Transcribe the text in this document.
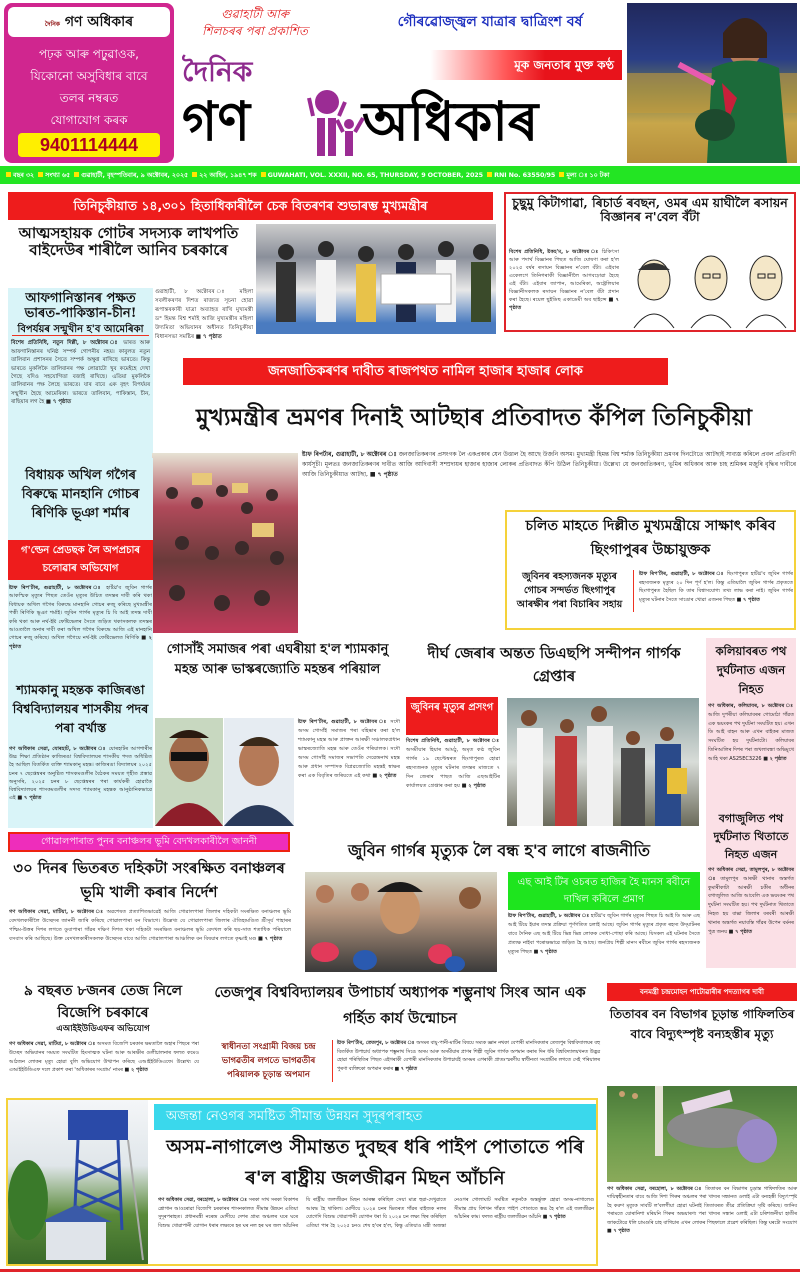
দৈনিক গণ অধিকাৰ
পঢ়ক আৰু পঢ়ুৱাওক,
যিকোনো অসুবিধাৰ বাবে
তলৰ নম্বৰত
যোগাযোগ কৰক
9401114444
গুৱাহাটী আৰু
শিলচৰৰ পৰা প্ৰকাশিত
গৌৰৱোজ্জ্বল যাত্ৰাৰ দ্বাত্ৰিংশ বৰ্ষ
দৈনিক	মূক জনতাৰ মুক্ত কণ্ঠ
গণ অধিকাৰ
বছৰ ৩২ সংখ্যা ৬৫ গুৱাহাটী, বৃহস্পতিবাৰ, ৯ অক্টোবৰ, ২০২৫ ২২ আহিন, ১৯৪৭ শক GUWAHATI, VOL. XXXII, NO. 65, THURSDAY, 9 OCTOBER, 2025 RNI No. 63550/95 মূল্য ঃ ১০ টকা
তিনিচুকীয়াত ১৪,৩০১ হিতাধিকাৰীলৈ চেক বিতৰণৰ শুভাৰম্ভ মুখ্যমন্ত্ৰীৰ
আত্মসহায়ক গোটৰ সদস্যক লাখপতি বাইদেউৰ শাৰীলৈ আনিব চৰকাৰে
আফগানিস্তানৰ পক্ষত ভাৰত-পাকিস্তান-চীন!
বিপৰ্যয়ৰ সন্মুখীন হ'ব আমেৰিকা
বিশেষ প্ৰতিনিধি, নতুন দিল্লী, ৮ অক্টোবৰ ঃ ভাৰত আৰু আফগানিস্তানৰ ঘনিষ্ঠ সম্পৰ্ক গোপনীয় নহয়। কাবুলত নতুন তালিবান প্ৰশাসনৰ সৈতে সম্পৰ্ক অক্ষুণ্ণ ৰাখিছে ভাৰতে। কিন্তু ভাৰতে মুকলিকৈ তালিবানৰ পক্ষ লোৱাটো খুব কমেইহে দেখা গৈছে যদিও সহযোগিতা বজাই ৰাখিছে। এতিয়া মুকলিকৈ তালিবানৰ পক্ষ লৈছে ভাৰতে। যাৰ বাবে এক বৃহৎ বিপৰ্যয়ৰ সন্মুখীন হৈছে আমেৰিকা। ভাৰতে তালিবান, পাকিস্তান, চীন, ৰাছিয়াৰ লগ হৈ ■ ৭ পৃষ্ঠাত
গুৱাহাটী, ৮ অক্টোবৰ ঃ মহিলা সবলীকৰণৰ দিশত ৰাজ্যত সূচনা হোৱা ৰূপান্তৰকাৰী যাত্ৰা অব্যাহত ৰাখি মুখ্যমন্ত্ৰী ড° হিমন্ত বিশ্ব শৰ্মাই আজি মুখ্যমন্ত্ৰীৰ মহিলা উদ্যমিতা অভিযানৰ অধীনত তিনিচুকীয়া বিধানসভা সমষ্টিৰ ■ ৭ পৃষ্ঠাত
চুছুমু কিটাগাৱা, ৰিচাৰ্ড ৰবছন, ওমৰ এম য়াঘীলৈ ৰসায়ন বিজ্ঞানৰ ন'বেল বঁটা
বিশেষ প্ৰতিনিধি, ষ্টকহ'ম, ৮ অক্টোবৰ ঃ চিকিৎসা আৰু পদাৰ্থ বিজ্ঞানৰ পিছত আজি ঘোষণা কৰা হ'ল ২০২৫ বৰ্ষৰ ৰসায়ন বিজ্ঞানৰ ন'বেল বঁটা। এইবাৰ একেলগে তিনিগৰাকী বিজ্ঞানীলৈ আগবঢ়োৱা হৈছে এই বঁটা। এইবাৰ জাপান, আমেৰিকা, অষ্ট্ৰেলিয়াৰ বিজ্ঞানীসকলক ৰসায়ন বিজ্ঞানৰ ন'বেল বঁটা প্ৰদান কৰা হৈছে। ৰয়েল ছুইডিছ একাডেমী অব ছাইন্সে ■ ৭ পৃষ্ঠাত
জনজাতিকৰণৰ দাবীত ৰাজপথত নামিল হাজাৰ হাজাৰ লোক
মুখ্যমন্ত্ৰীৰ ভ্ৰমণৰ দিনাই আটছাৰ প্ৰতিবাদত কঁপিল তিনিচুকীয়া
ষ্টাফ ৰিপৰ্টাৰ, গুৱাহাটী, ৮ অক্টোবৰ ঃ জনজাতিকৰণৰ প্ৰসংগক লৈ একপ্ৰকাৰ যেন উত্তাল হৈ আছে উজনি অসম। মুখ্যমন্ত্ৰী হিমন্ত বিশ্ব শৰ্মাক তিনিচুকীয়া ভ্ৰমণৰ দিনটোতে আটছাই সাব্যস্ত কৰিলে প্ৰবল প্ৰতিবাদী কাৰ্যসূচী। মূলতঃ জনজাতিকৰণৰ দাবীত আজি আদিবাসী সম্প্ৰদায়ৰ হাজাৰ হাজাৰ লোকৰ প্ৰতিবাদত কঁপি উঠিল তিনিচুকীয়া। উল্লেখ্য যে জনজাতিকৰণ, ভূমিৰ অধিকাৰ আৰু চাহ শ্ৰমিকৰ মজুৰি বৃদ্ধিৰ দাবীৰে আজি তিনিচুকীয়াত আটছা, ■ ৭ পৃষ্ঠাত
বিধায়ক অখিল গগৈৰ বিৰুদ্ধে মানহানি গোচৰ ৰিণিকি ভূঞা শৰ্মাৰ
গ'ল্ডেন প্ৰেডছক লৈ অপপ্ৰচাৰ চলোৱাৰ অভিযোগ
ষ্টাফ ৰিপ'ৰ্টাৰ, গুৱাহাটী, ৮ অক্টোবৰ ঃ হাৰ্টথ্ৰ'ব জুবিন গাৰ্গৰ আকস্মিক মৃত্যুৰ পিছত তেওঁৰ মৃত্যুৰ উচিত তদন্তৰ দাবী কৰি থকা বিধায়ক অখিল গগৈৰ বিৰুদ্ধে মানহানি গোচৰ ৰুজু কৰিছে মুখ্যমন্ত্ৰীৰ পত্নী ৰিণিকি ভূঞা শৰ্মাই। জুবিন গাৰ্গৰ মৃত্যুৰ চি বি আই তদন্ত দাবী কৰি থকা আৰু নৰ্থ-ইষ্ট ফেষ্টিভেলৰ সৈতে জড়িত থকাসকলক তদন্তৰ আওতালৈ অনাৰ দাবী কৰা অখিল গগৈৰ বিৰুদ্ধে আজি এই মানহানি গোচৰ ৰুজু কৰিছে। অখিল গগৈয়ে নৰ্থ-ইষ্ট ফেষ্টিভেলত ৰিণিকি ■ ২ পৃষ্ঠাত
শ্যামকানু মহন্তক কাজিৰঙা বিশ্ববিদ্যালয়ৰ শাসকীয় পদৰ পৰা বৰ্খাস্ত
গণ অধিকাৰ সেৱা, যোৰহাট, ৮ অক্টোবৰ ঃ যোৰহাটৰ আগশাৰীৰ উচ্চ শিক্ষা প্ৰতিষ্ঠান কাজিৰঙা বিশ্ববিদ্যালয়ৰ শাসকীয় পদত অধিষ্ঠিত হৈ আছিল বিতৰ্কিত ব্যক্তি শ্যামকানু মহন্ত। কাজিৰঙা বিদ্যালয়ৰ ২০২৫ চনৰ ৭ ছেপ্তেম্বৰৰ অনুষ্ঠিত শাসকমণ্ডলীৰ বৈঠকৰ সময়ত গৃহীত প্ৰস্তাৱ অনুসৰি, ২০২৫ চনৰ ৮ ছেপ্তেম্বৰৰ পৰা কাৰ্যকৰী হোৱাকৈ বিশ্ববিদ্যালয়ৰ শাসকমণ্ডলীৰ সদস্য শ্যামকানু মহন্তক আনুষ্ঠানিকভাৱে এই ■ ৭ পৃষ্ঠাত
চলিত মাহতে দিল্লীত মুখ্যমন্ত্ৰীয়ে সাক্ষাৎ কৰিব ছিংগাপুৰৰ উচ্চায়ুক্তক
জুবিনৰ ৰহস্যজনক মৃত্যুৰ গোচৰ সন্দৰ্ভত ছিংগাপুৰ আৰক্ষীৰ পৰা বিচাৰিব সহায়
ষ্টাফ ৰিপ'ৰ্টাৰ, গুৱাহাটী, ৮ অক্টোবৰ ঃ ছিংগাপুৰত হাৰ্টথ্ৰ'ব জুবিন গাৰ্গৰ ৰহস্যজনক মৃত্যুৰ ২০ দিন পূৰ্ণ হ'ল। কিন্তু এতিয়ালৈ জুবিন গাৰ্গৰ প্ৰকৃততে ছিংগাপুৰত হৈছিল কি তাৰ বিশ্বাসযোগ্য তথ্য লাভ কৰা নাই। জুবিন গাৰ্গৰ মৃত্যুৰ ঘটনাৰ সৈতে সাঙোৰ খোৱা এজনৰ পিছত ■ ৭ পৃষ্ঠাত
গোসাঁই সমাজৰ পৰা এঘৰীয়া হ'ল শ্যামকানু মহন্ত আৰু ভাস্কৰজ্যোতি মহন্তৰ পৰিয়াল
ষ্টাফ ৰিপ'ৰ্টাৰ, গুৱাহাটী, ৮ অক্টোবৰ ঃ সদৌ অসম গোসাঁই সমাজৰ পৰা বহিষ্কাৰ কৰা হ'ল শ্যামকানু মহন্ত আৰু প্ৰাক্তন আৰক্ষী সঞ্চালকপ্ৰধান ভাস্কৰজ্যোতি মহন্ত আৰু তেওঁৰ পৰিয়ালক। সদৌ অসম গোসাঁই সমাজৰ সভাপতি দেৱেন্দ্ৰনাথ মহন্ত আৰু প্ৰধান সম্পাদক বিপ্লৱজ্যোতি মহন্তই স্বাক্ষৰ কৰা এক বিবৃতিৰ জৰিয়তে এই কথা ■ ২ পৃষ্ঠাত
দীৰ্ঘ জেৰাৰ অন্তত ডিএছপি সন্দীপন গাৰ্গক গ্ৰেপ্তাৰ
জুবিনৰ মৃত্যুৰ প্ৰসংগ
বিশেষ প্ৰতিনিধি, গুৱাহাটী, ৮ অক্টোবৰ ঃ অসমীয়াৰ হিয়াৰ আমঠু, অমৃত কণ্ঠ জুবিন গাৰ্গৰ ১৯ ছেপ্টেম্বৰত ছিংগাপুৰত হোৱা ৰহস্যজনক মৃত্যুৰ ঘটনাৰ তদন্তৰ মাজতে ৭ দিন জেৰাৰ পাছত আজি এছআইটিৰ কাৰ্যালয়ত গ্ৰেপ্তাৰ কৰা হয় ■ ২ পৃষ্ঠাত
কলিয়াবৰত পথ দুৰ্ঘটনাত এজন নিহত
গণ অধিকাৰ, কলিয়াবৰ, ৮ অক্টোবৰ ঃ আজি দুপৰীয়া কলিয়াবৰৰ গোমোঠা গাঁৱত এক ভয়ংকৰ পথ দুৰ্ঘটনা সংঘটিত হয়। এখন ডি আই বাহন আৰু এখন বাইকৰ মাজত সংঘটিত হয় দুৰ্ঘটনাটো। কলিয়াবৰ তিনিআলিৰ দিশৰ পৰা জখলাবন্ধা অভিমুখে আহি থকা AS25EC3226 ■ ২ পৃষ্ঠাত
বগাজুলিত পথ দুৰ্ঘটনাত থিতাতে নিহত এজন
গণ অধিকাৰ সেৱা, তামুলপুৰ, ৮ অক্টোবৰ ঃ তামুলপুৰ আৰক্ষী থানাৰ অন্তৰ্গত কুমাৰীকাটা আৰক্ষী চকীৰ অধীনৰ বগাজুলিত আজি আবেলি এক ভয়ংকৰ পথ দুৰ্ঘটনা সংঘটিত হয়। পথ দুৰ্ঘটনাত থিতাতে নিহত হয় বাক্সা জিলাৰ বৰবৰী আৰক্ষী থানাৰ অন্তৰ্গত নয়াবস্তি গাঁৱৰ উপেন বৰ্মনৰ পুত্ৰ জনয় ■ ৭ পৃষ্ঠাত
গোৱালপাৰাত পুনৰ বনাঞ্চলৰ ভূমি বেদখলকাৰীলৈ জাননী
৩০ দিনৰ ভিতৰত দহিকটা সংৰক্ষিত বনাঞ্চলৰ ভূমি খালী কৰাৰ নিৰ্দেশ
গণ অধিকাৰ সেৱা, মাটিয়া, ৮ অক্টোবৰ ঃ অৱশেষত প্ৰত্যাশিতভাৱেই আজি গোৱালপাৰা জিলাৰ দহিকটা সংৰক্ষিত বনাঞ্চলৰ ভূমি বেদখলকাৰীলৈ উচ্ছেদৰ জাননী জাৰি কৰিছে গোৱালপাৰা বন বিভাগে। উল্লেখ্য যে গোৱালপাৰা জিলাৰ ঐতিহ্যমণ্ডিত শ্ৰীসূৰ্য পাহাৰৰ পশ্চিম-উত্তৰ দিশৰ লগতে ডুবাপাৰা গাঁৱৰ দক্ষিণ দিশত থকা দহিকটা সংৰক্ষিত বনাঞ্চলৰ ভূমি বেদখল কৰি ছয়-সাত শতাধিক পৰিয়ালে বসবাস কৰি আছিছে। উক্ত বেদখলকাৰীসকলক উচ্ছেদৰ বাবে আজি গোৱালপাৰা আঞ্চলিক বন বিষয়াৰ লগতে কৃষ্ণাই মণ্ড ■ ৭ পৃষ্ঠাত
জুবিন গাৰ্গৰ মৃত্যুক লৈ বন্ধ হ'ব লাগে ৰাজনীতি
এছ আই টিৰ ওচৰত হাজিৰ হৈ মানস ৰবীনে দাখিল কৰিলে প্ৰমাণ
ষ্টাফ ৰিপ'ৰ্টাৰ, গুৱাহাটী, ৮ অক্টোবৰ ঃ হাৰ্টথ্ৰ'ব জুবিন গাৰ্গৰ মৃত্যুৰ পিছত চি আই ডি আৰু এছ আই টিয়ে ইয়াৰ তদন্ত প্ৰক্ৰিয়া পূৰ্ণগতিত চলাই আছে। জুবিন গাৰ্গৰ মৃত্যুৰ প্ৰকৃত ৰহস্য উদ্‌ঘাটনৰ বাবে দৈনিক এছ আই টিয়ে ভিন্ন ভিন্ন লোকক সোধা-পোছা কৰি আছে। যিসকল এই ঘটনাৰ সৈতে প্ৰত্যক্ষ নাইবা পৰোক্ষভাৱে জড়িত হৈ আছে। জনপ্ৰিয় শিল্পী মানস ৰবীনে জুবিন গাৰ্গৰ ৰহস্যজনক মৃত্যুৰ পিছত ■ ৭ পৃষ্ঠাত
৯ বছৰত ৮জনৰ তেজ নিলে বিজেপি চৰকাৰে
এআইইউডিএফৰ অভিযোগ
গণ অধিকাৰ সেৱা, মাটিয়া, ৮ অক্টোবৰ ঃ অসমত বিজেপি চৰকাৰ ক্ষমতালৈ অহাৰ পিছৰে পৰা উচ্ছেদ অভিযানৰ সময়ত সংঘটিত হিংসাত্মক ঘটনা আৰু আৰক্ষীৰ গুলীচালনাৰ ফলত কমেও আঠজন লোকৰ মৃত্যু হোৱা বুলি অভিযোগ উত্থাপন কৰিছে এআইইউডিএফে। উল্লেখ্য যে এআইইউডিএফ দলে প্ৰকাশ কৰা 'অধিকাৰৰ সংগ্ৰাম' নামৰ ■ ২ পৃষ্ঠাত
তেজপুৰ বিশ্ববিদ্যালয়ৰ উপাচাৰ্য অধ্যাপক শম্ভুনাথ সিংৰ আন এক গৰ্হিত কাৰ্য উন্মোচন
স্বাধীনতা সংগ্ৰামী বিজয় চন্দ্ৰ ভাগৱতীৰ লগতে ভাগৱতীৰ পৰিয়ালক চূড়ান্ত অপমান
ষ্টাফ ৰিপ'ৰ্টাৰ, তেজপুৰ, ৮ অক্টোবৰ ঃ অসমৰ বায়ু-পানী-মাটিৰ বিষয়ে সম্যক জ্ঞান নথকা বেপাৰী মানসিকতাৰ তেজপুৰ বিশ্ববিদ্যালয়ৰ বহু বিতৰ্কিত উপাচাৰ্য অধ্যাপক শম্ভুনাথ সিঙে অসম আৰু অসমীয়াৰ প্ৰাণৰ শিল্পী জুবিন গাৰ্গক অপমান কৰাৰ দিন ধৰি বিশ্ববিদ্যালয়খনত উদ্ভৱ হোৱা পৰিস্থিতিৰ পিছত এইগৰাকী বেপাৰী মানসিকতাৰ উপাচাৰ্যই অসমৰ এগৰাকী প্ৰাতঃস্মৰণীয় স্বাধীনতা সংগ্ৰামীৰ লগতে সেই পৰিয়ালৰ পুৰণা ব্যক্তিকো অপমান কৰাৰ ■ ৭ পৃষ্ঠাত
বনমন্ত্ৰী চন্দ্ৰমোহন পাটোৱাৰীৰ পদত্যাগৰ দাবী
তিতাবৰ বন বিভাগৰ চূড়ান্ত গাফিলতিৰ বাবে বিদ্যুৎস্পৃষ্ট বন্যহস্তীৰ মৃত্যু
গণ অধিকাৰ সেৱা, বৰহোলা, ৮ অক্টোবৰ ঃ তিতাবৰ বন বিভাগৰ চূড়ান্ত গাফিলতিৰ আৰু দায়িত্বহীনতাৰ বাবে আজি দিশা গিৰুৰ অঞ্চলৰ পৰা খাদ্যৰ সন্ধানত ওলাই এটা বন্যহস্তী বিদ্যুৎস্পৃষ্ট হৈ করুণ মৃত্যুক সাবটি ল'বলগীয়া হোৱা ঘটনাই তিতাবৰত তীব্ৰ প্ৰতিক্ৰিয়া সৃষ্টি কৰিছে। জানিব পৰামতে যোৰানিশা মৰিয়নি গিৰুৰ অভয়াৰণ্য পৰা খাদ্যৰ সন্ধান ওলাই এটা চৰিশজনীয়া হাতীৰ জাকটোৱে ধলি চামগুৰি চাহ বাগিচাৰ এখন লোকৰ পিছফালে প্ৰৱেশ কৰিছিল। কিন্তু ঘৰটো সংযোগ ■ ৭ পৃষ্ঠাত
অজন্তা নেওগৰ সমষ্টিত সীমান্ত উন্নয়ন সুদূৰপৰাহত
অসম-নাগালেণ্ড সীমান্তত দুবছৰ ধৰি পাইপ পোতাতে পৰি ৰ'ল ৰাষ্ট্ৰীয় জলজীৱন মিছন আঁচনি
গণ অধিকাৰ সেৱা, বৰহোলা, ৮ অক্টোবৰ ঃ সৰকা সাথ সৰকা বিকাশৰ শ্লোগান আওৰোৱা বিজেপি চৰকাৰৰ শাসনকালত সীমান্ত উন্নয়ন এতিয়া সুদূৰপৰাহত। প্ৰধানমন্ত্ৰী নৰেন্দ্ৰ মোদীয়ে দেশৰ গ্ৰাম্য অঞ্চলৰ ঘৰে ঘৰে বিশুদ্ধ খোৱাপানী যোগান ধৰাৰ লক্ষ্যৰে হৰ ঘৰ নল হৰ ঘৰ জল আঁচনিৰ যি ৰাষ্ট্ৰীয় জলজীৱন মিছন আৰম্ভ কৰিছিল সেয়া মাত্ৰ হুৱা-দেখুৱাতে আবদ্ধ হৈ থাকিল। মোদীয়ে ২০২৪ চনৰ ভিতৰত গাঁৱৰ বাইজক নলৰ যোগেদি বিশুদ্ধ খোৱাপানী যোগান ধৰা যি ২০২৪ চন লক্ষ্য স্থিৰ কৰিছিল এতিয়া পাৰ হৈ ২০২৫ চনও শেষ হ'বৰ হ'ল, কিন্তু এতিয়াও মন্ত্ৰী অজন্তা নেওগৰ গোলাঘাট সমষ্টিত নতুনকৈ অন্তৰ্ভুক্ত হোৱা অসম-নাগালেণ্ড সীমান্ত প্ৰায় বিশখন গাঁৱত পাইপ পোতাতে স্তব্ধ হৈ ৰ'ল এই জলজীৱন আঁচনিৰ কাম। ফলত ৰাষ্ট্ৰীয় জলজীৱন আঁচনি ■ ৭ পৃষ্ঠাত
